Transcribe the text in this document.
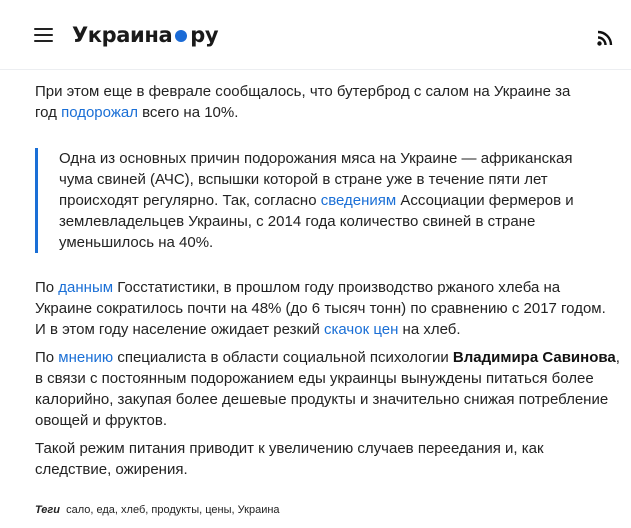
Украина ру

При этом еще в феврале сообщалось, что бутерброд с салом на Украине за год подорожал всего на 10%.

Одна из основных причин подорожания мяса на Украине — африканская чума свиней (АЧС), вспышки которой в стране уже в течение пяти лет происходят регулярно. Так, согласно сведениям Ассоциации фермеров и землевладельцев Украины, с 2014 года количество свиней в стране уменьшилось на 40%.

По данным Госстатистики, в прошлом году производство ржаного хлеба на Украине сократилось почти на 48% (до 6 тысяч тонн) по сравнению с 2017 годом. И в этом году население ожидает резкий скачок цен на хлеб.

По мнению специалиста в области социальной психологии Владимира Савинова, в связи с постоянным подорожанием еды украинцы вынуждены питаться более калорийно, закупая более дешевые продукты и значительно снижая потребление овощей и фруктов.

Такой режим питания приводит к увеличению случаев переедания и, как следствие, ожирения.

Теги сало, еда, хлеб, продукты, цены, Украина
